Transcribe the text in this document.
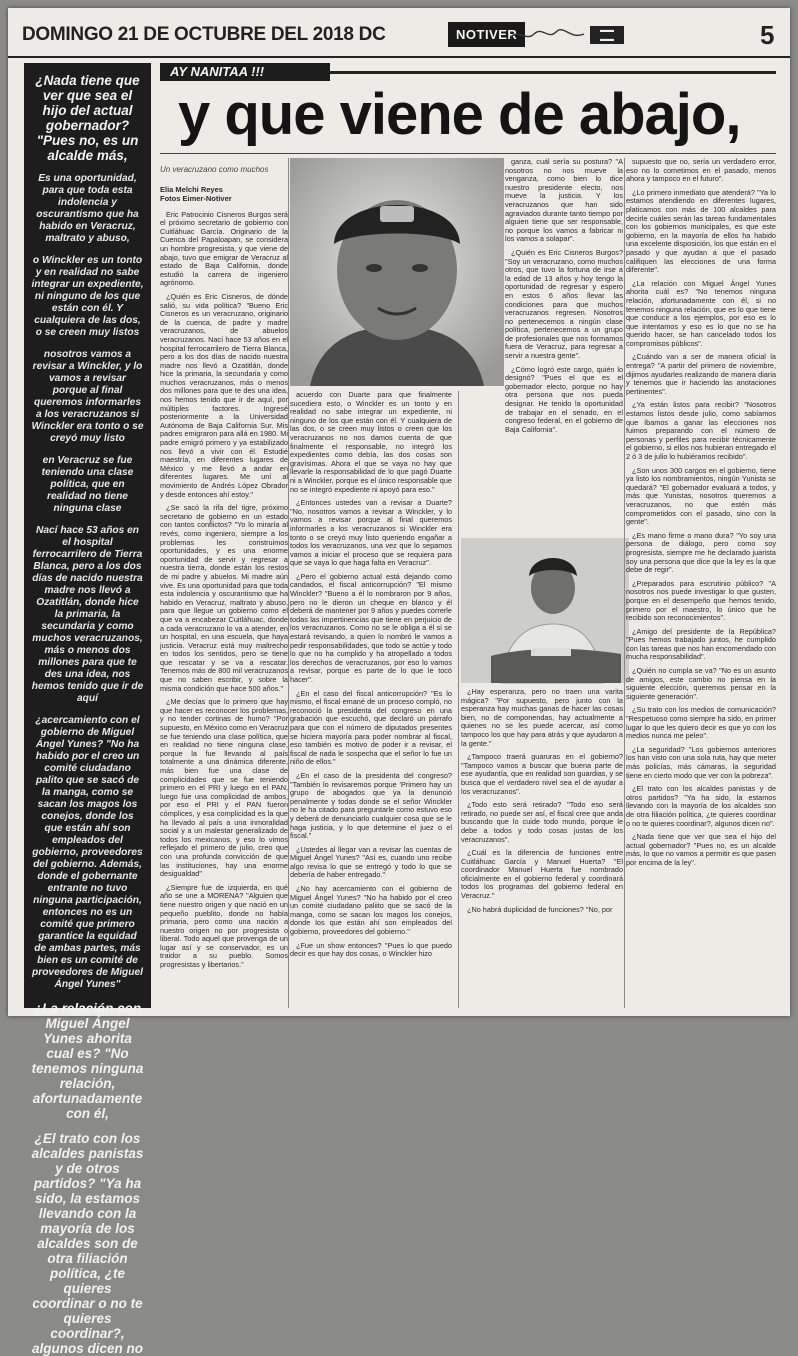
DOMINGO 21 DE OCTUBRE DEL 2018 DC	NOTIVER	▬▬
▬▬	5

¿Nada tiene que ver que sea el hijo del actual gobernador? "Pues no, es un alcalde más,

Es una oportunidad, para que toda esta indolencia y oscurantismo que ha habido en Veracruz, maltrato y abuso,

o Winckler es un tonto y en realidad no sabe integrar un expediente, ni ninguno de los que están con él. Y cualquiera de las dos, o se creen muy listos

nosotros vamos a revisar a Winckler, y lo vamos a revisar porque al final queremos informarles a los veracruzanos si Winckler era tonto o se creyó muy listo

en Veracruz se fue teniendo una clase política, que en realidad no tiene ninguna clase

Nací hace 53 años en el hospital ferrocarrilero de Tierra Blanca, pero a los dos días de nacido nuestra madre nos llevó a Ozatitlán, donde hice la primaria, la secundaria y como muchos veracruzanos, más o menos dos millones para que te des una idea, nos hemos tenido que ir de aquí

¿acercamiento con el gobierno de Miguel Ángel Yunes? "No ha habido por el creo un comité ciudadano palito que se sacó de la manga, como se sacan los magos los conejos, donde los que están ahí son empleados del gobierno, proveedores del gobierno. Además, donde el gobernante entrante no tuvo ninguna participación, entonces no es un comité que primero garantice la equidad de ambas partes, más bien es un comité de proveedores de Miguel Ángel Yunes"

¿La relación con Miguel Ángel Yunes ahorita cual es? "No tenemos ninguna relación, afortunadamente con él,

¿El trato con los alcaldes panistas y de otros partidos? "Ya ha sido, la estamos llevando con la mayoría de los alcaldes son de otra filiación política, ¿te quieres coordinar o no te quieres coordinar?, algunos dicen no

AY NANITAA !!!
y que viene de abajo,
Un veracruzano como muchos
Elia Melchi Reyes
Fotos Eimer-Notiver

Eric Patrocinio Cisneros Burgos será el próximo secretario de gobierno con Cuitláhuac García. Originario de la Cuenca del Papaloapan, se considera un hombre progresista, y que viene de abajo, tuvo que emigrar de Veracruz al estado de Baja California, donde estudió la carrera de ingeniero agrónomo.

¿Quién es Eric Cisneros, de dónde salió, su vida política? "Bueno Eric Cisneros es un veracruzano, originario de la cuenca, de padre y madre veracruzanos, de abuelos veracruzanos. Nací hace 53 años en el hospital ferrocarrilero de Tierra Blanca, pero a los dos días de nacido nuestra madre nos llevó a Ozatitlán, donde hice la primaria, la secundaria y como muchos veracruzanos, más o menos dos millones para que te des una idea, nos hemos tenido que ir de aquí, por múltiples factores. Ingresé posteriormente a la Universidad Autónoma de Baja California Sur. Mis padres emigraron para allá en 1980. Mi padre emigró primero y ya estabilizado nos llevó a vivir con él. Estudié maestría, en diferentes lugares de México y me llevó a andar en diferentes lugares. Me uní al movimiento de Andrés López Obrador y desde entonces ahí estoy."

¿Se sacó la rifa del tigre, próximo secretario de gobierno en un estado con tantos conflictos? "Yo lo miraría al revés, como ingeniero, siempre a los problemas les construimos oportunidades, y es una enorme oportunidad de servir y regresar a nuestra tierra, donde están los restos de mi padre y abuelos. Mi madre aún vive. Es una oportunidad para que toda esta indolencia y oscurantismo que ha habido en Veracruz, maltrato y abuso, para que llegue un gobierno como el que va a encabezar Cuitláhuac, donde a cada veracruzano lo va a atender, en un hospital, en una escuela, que haya justicia. Veracruz está muy maltrecho en todos los sentidos, pero se tiene que rescatar y se va a rescatar. Tenemos más de 800 mil veracruzanos que no saben escribir, y sobre la misma condición que hace 500 años."

¿Me decías que lo primero que hay que hacer es reconocer los problemas, y no tender cortinas de humo? "Por supuesto, en México como en Veracruz se fue teniendo una clase política, que en realidad no tiene ninguna clase, porque la fue llevando al país totalmente a una dinámica diferente, más bien fue una clase de complicidades que se fue teniendo primero en el PRI y luego en el PAN, luego fue una complicidad de ambos, por eso el PRI y el PAN fueron cómplices, y esa complicidad es la que ha llevado al país a una inmoralidad social y a un malestar generalizado de todos los mexicanos, y eso lo vimos reflejado el primero de julio, creo que con una profunda convicción de que las instituciones, hay una enorme desigualdad"

¿Siempre fue de izquierda, en qué año se une a MORENA? "Alguien que tiene nuestro origen y que nació en un pequeño pueblito, donde no había primaria, pero como una nación a nuestro origen no por progresista o liberal. Todo aquel que provenga de un lugar así y se conservador, es un traidor a su pueblo. Somos progresistas y libertarios."

acuerdo con Duarte para que finalmente sucediera esto, o Winckler es un tonto y en realidad no sabe integrar un expediente, ni ninguno de los que están con él. Y cualquiera de las dos, o se creen muy listos o creen que los veracruzanos no nos damos cuenta de que finalmente el responsable, no integró los expedientes como debía, las dos cosas son gravísimas. Ahora el que se vaya no hay que llevarle la responsabilidad de lo que pagó Duarte ni a Winckler, porque es el único responsable que no se integró expediente ni apoyó para eso."

¿Entonces ustedes van a revisar a Duarte? "No, nosotros vamos a revisar a Winckler, y lo vamos a revisar porque al final queremos informarles a los veracruzanos si Winckler era tonto o se creyó muy listo queriendo engañar a todos los veracruzanos, una vez que lo sepamos vamos a iniciar el proceso que se requiera para que se vaya lo que haga falta en Veracruz".

¿Pero el gobierno actual está dejando como candados, el fiscal anticorrupción? "El mismo Winckler? "Bueno a él lo nombraron por 9 años, pero no le dieron un cheque en blanco y él deberá de mantener por 9 años y puedes correrle todas las impertinencias que tiene en perjuicio de los veracruzanos. Como no se le obliga a él si se estará revisando, a quien lo nombró le vamos a pedir responsabilidades, que todo se actúe y todo lo que no ha cumplido y ha atropellado a todos los derechos de veracruzanos, por eso lo vamos a revisar, porque es parte de lo que le tocó hacer".

¿En el caso del fiscal anticorrupción? "Es lo mismo, el fiscal emané de un proceso compló, no reconoció la presidenta del congreso en una grabación que escuchó, que declaró un párrafo para que con el número de diputados presentes se hiciera mayoría para poder nombrar al fiscal, eso también es motivo de poder ir a revisar, el fiscal de nada le sospecha que el señor lo fue un niño de ellos."

¿En el caso de la presidenta del congreso? "También lo revisaremos porque 'Primero hay un grupo de abogados que ya la denunció penalmente y todas donde se el señor Winckler no le ha citado para preguntarle como estuvo eso y deberá de denunciarlo cualquier cosa que se le haga justicia, y lo que determine el juez o el fiscal."

¿Ustedes al llegar van a revisar las cuentas de Miguel Ángel Yunes? "Así es, cuando uno recibe algo revisa lo que se entregó y todo lo que se debería de haber entregado."

¿No hay acercamiento con el gobierno de Miguel Ángel Yunes? "No ha habido por el creo un comité ciudadano paliito que se sacó de la manga, como se sacan los magos los conejos, donde los que están ahí son empleados del gobierno, proveedores del gobierno."

¿Fue un show entonces? "Pues lo que puedo decir es que hay dos cosas, o Winckler hizo

ganza, cuál sería su postura? "A nosotros no nos mueve la venganza, como bien lo dice nuestro presidente electo, nos mueve la justicia. Y los veracruzanos que han sido agraviados durante tanto tiempo por alguien tiene que ser responsable, no porque los vamos a fabricar ni los vamos a solapar".

¿Quién es Eric Cisneros Burgos? "Soy un veracruzano, como muchos otros, que tuvo la fortuna de irse a la edad de 13 años y hoy tengo la oportunidad de regresar y espero en estos 6 años llevar las condiciones para que muchos veracruzanos regresen. Nosotros no pertenecemos a ningún clase política, pertenecemos a un grupo de profesionales que nos formamos fuera de Veracruz, para regresar a servir a nuestra gente".

¿Cómo logró este cargo, quién lo designó? "Pues el que es el gobernador electo, porque no hay otra persona que nos pueda designar. He tenido la oportunidad de trabajar en el senado, en el congreso federal, en el gobierno de Baja California".

¿Hay esperanza, pero no traen una varita mágica? "Por supuesto, pero junto con la esperanza hay muchas ganas de hacer las cosas bien, no de componendas, hay actualmente a quienes no se les puede acercar, así como tampoco los que hay para atrás y que ayudaron a la gente."

¿Tampoco traerá guaruras en el gobierno? "Tampoco vamos a buscar que buena parte de ese ayudantía, que en realidad son guardias, y se busca que el verdadero nivel sea el de ayudar a los veracruzanos".

¿Todo esto será retirado? "Todo eso será retirado, no puede ser así, el fiscal cree que anda buscando que lo cuide todo mundo, porque le debe a todos y todo cosas justas de los veracruzanos".

¿Cuál es la diferencia de funciones entre Cuitláhuac García y Manuel Huerta? "El coordinador Manuel Huerta fue nombrado oficialmente en el gobierno federal y coordinará todos los programas del gobierno federal en Veracruz."

¿No habrá duplicidad de funciones? "No, por

supuesto que no, sería un verdadero error, eso no lo cometimos en el pasado, menos ahora y tampoco en el futuro".

¿Lo primero inmediato que atenderá? "Ya lo estamos atendiendo en diferentes lugares, platicamos con más de 100 alcaldes para decirle cuáles serán las tareas fundamentales con los gobiernos municipales, es que este gobierno, en la mayoría de ellos ha habido una excelente disposición, los que están en el pasado y que ayudan a que el pasado califiquen las elecciones de una forma diferente".

¿La relación con Miguel Ángel Yunes ahorita cuál es? "No tenemos ninguna relación, afortunadamente con él, si no tenemos ninguna relación, que es lo que tiene que conducir a los ejemplos, por eso es lo que intentamos y eso es lo que no se ha querido hacer, se han cancelado todos los compromisos públicos".

¿Cuándo van a ser de manera oficial la entrega? "A partir del primero de noviembre, dijimos ayudarles realizando de manera diaria y tenemos que ir haciendo las anotaciones pertinentes".

¿Ya están listos para recibir? "Nosotros estamos listos desde julio, como sabíamos que íbamos a ganar las elecciones nos fuimos preparando con el número de personas y perfiles para recibir técnicamente el gobierno, si ellos nos hubieran entregado el 2 ó 3 de julio lo hubiéramos recibido".

¿Son unos 300 cargos en el gobierno, tiene ya listo los nombramientos, ningún Yunista se quedará? "El gobernador evaluará a todos, y más que Yunistas, nosotros queremos a veracruzanos, no que estén más comprometidos con el pasado, sino con la gente".

¿Es mano firme o mano dura? "Yo soy una persona de diálogo, pero como soy progresista, siempre me he declarado juarista soy una persona que dice que la ley es la que debe de regir".

¿Preparados para escrutinio público? "A nosotros nos puede investigar lo que gusten, porque en el desempeño que hemos tenido, primero por el maestro, lo único que he recibido son reconocimientos".

¿Amigo del presidente de la República? "Pues hemos trabajado juntos, he cumplido con las tareas que nos han encomendado con mucha responsabilidad".

¿Quién no cumpla se va? "No es un asunto de amigos, este cambio no piensa en la siguiente elección, queremos pensar en la siguiente generación".

¿Su trato con los medios de comunicación? "Respetuoso como siempre ha sido, en primer lugar lo que les quiero decir es que yo con los medios nunca me peleo".

¿La seguridad? "Los gobiernos anteriores los han visto con una sola ruta, hay que meter más policías, más cámaras, la seguridad tiene en cierto modo que ver con la pobreza".

¿El trato con los alcaldes panistas y de otros partidos? "Ya ha sido, la estamos llevando con la mayoría de los alcaldes son de otra filiación política, ¿te quieres coordinar o no te quieres coordinar?, algunos dicen no".

¿Nada tiene que ver que sea el hijo del actual gobernador? "Pues no, es un alcalde más, lo que no vamos a permitir es que pasen por encima de la ley".
